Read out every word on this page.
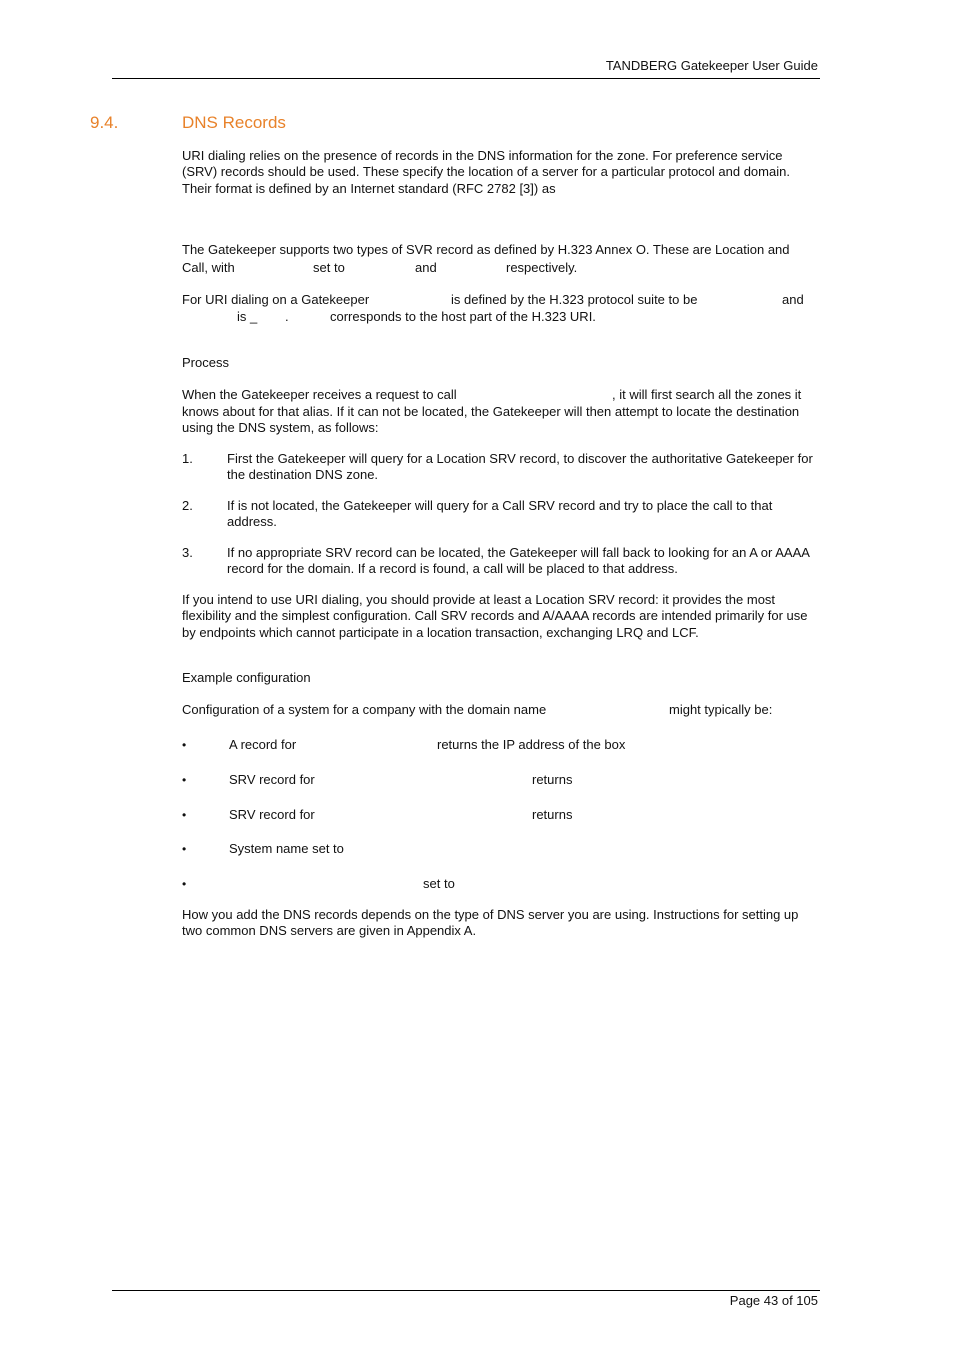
TANDBERG Gatekeeper User Guide
9.4.	DNS Records

URI dialing relies on the presence of records in the DNS information for the zone. For preference service (SRV) records should be used. These specify the location of a server for a particular protocol and domain. Their format is defined by an Internet standard (RFC 2782 [3]) as

The Gatekeeper supports two types of SVR record as defined by H.323 Annex O. These are Location and
Call, with	set to	and	respectively.
For URI dialing on a Gatekeeper	is defined by the H.323 protocol suite to be	and
is _ .	corresponds to the host part of the H.323 URI.
Process
When the Gatekeeper receives a request to call	, it will first search all the zones it

knows about for that alias. If it can not be located, the Gatekeeper will then attempt to locate the destination using the DNS system, as follows:

1.	First the Gatekeeper will query for a Location SRV record, to discover the authoritative Gatekeeper for the destination DNS zone.

2.	If is not located, the Gatekeeper will query for a Call SRV record and try to place the call to that address.

3.	If no appropriate SRV record can be located, the Gatekeeper will fall back to looking for an A or AAAA record for the domain. If a record is found, a call will be placed to that address.

If you intend to use URI dialing, you should provide at least a Location SRV record: it provides the most flexibility and the simplest configuration. Call SRV records and A/AAAA records are intended primarily for use by endpoints which cannot participate in a location transaction, exchanging LRQ and LCF.

Example configuration
Configuration of a system for a company with the domain name	might typically be:
•	A record for	returns the IP address of the box
•	SRV record for	returns
•	SRV record for	returns
•	System name set to
•	set to

How you add the DNS records depends on the type of DNS server you are using. Instructions for setting up two common DNS servers are given in Appendix A.

Page 43 of 105
